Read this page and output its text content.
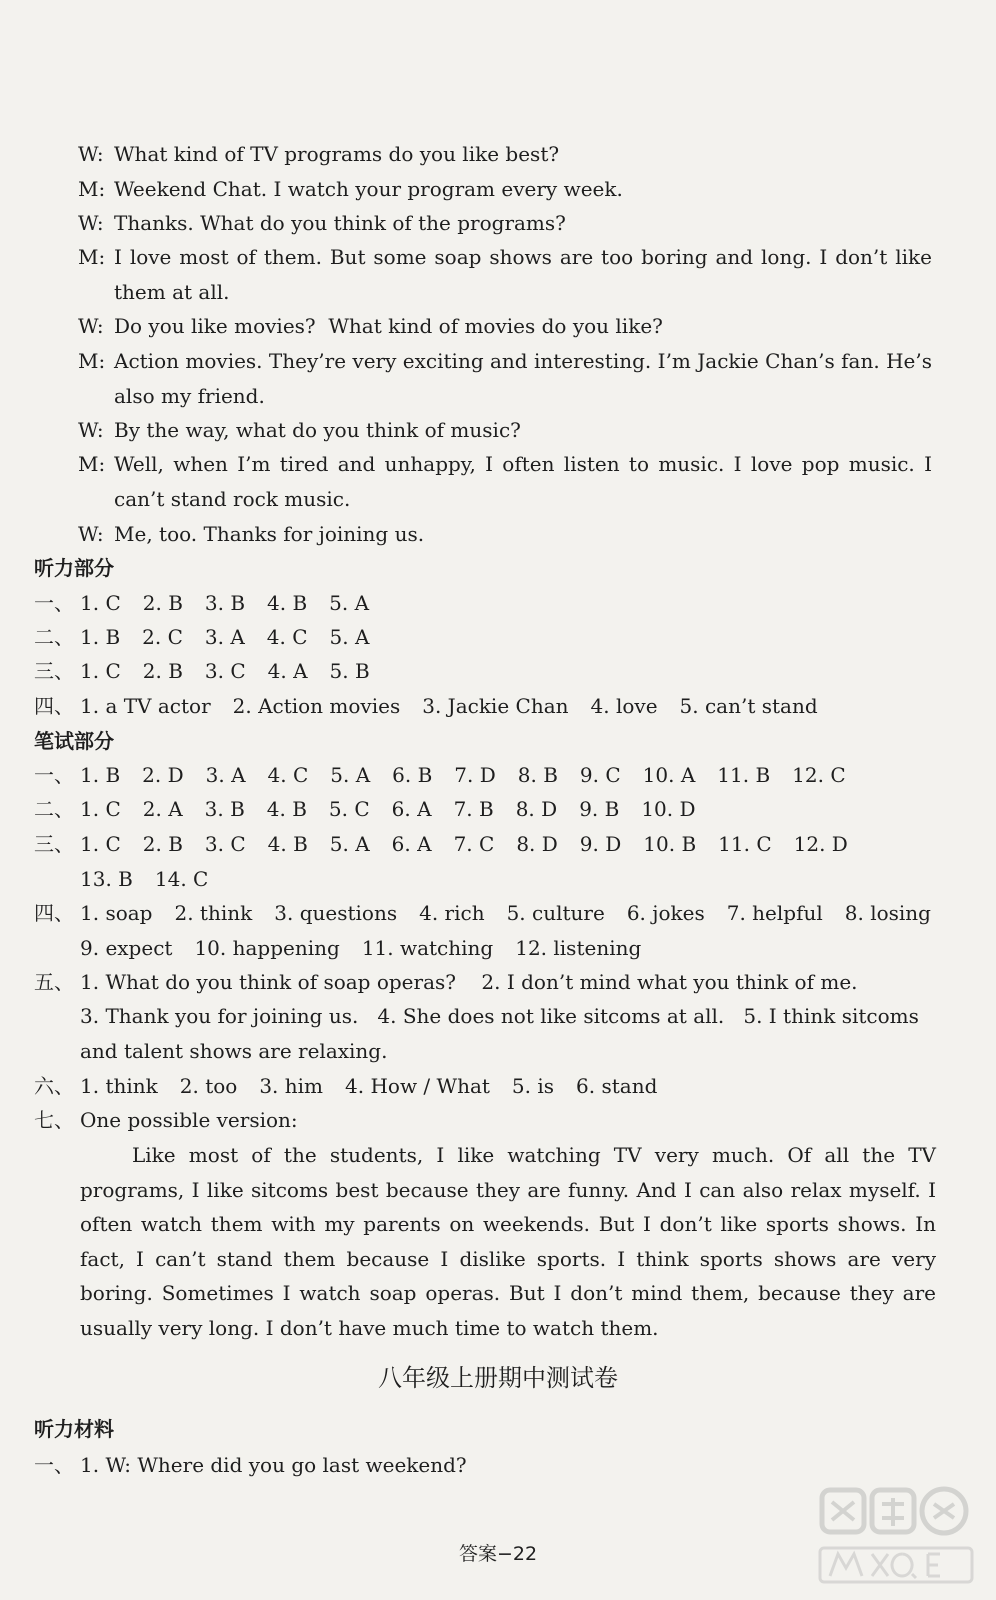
W: What kind of TV programs do you like best?
M: Weekend Chat. I watch your program every week.
W: Thanks. What do you think of the programs?
M: I love most of them. But some soap shows are too boring and long. I don’t like
them at all.
W: Do you like movies?  What kind of movies do you like?
M: Action movies. They’re very exciting and interesting. I’m Jackie Chan’s fan. He’s
also my friend.
W: By the way, what do you think of music?
M: Well, when I’m tired and unhappy, I often listen to music. I love pop music. I
can’t stand rock music.
W: Me, too. Thanks for joining us.
听力部分
一、 1. C 2. B 3. B 4. B 5. A
二、 1. B 2. C 3. A 4. C 5. A
三、 1. C 2. B 3. C 4. A 5. B
四、 1. a TV actor 2. Action movies 3. Jackie Chan 4. love 5. can’t stand
笔试部分
一、 1. B 2. D 3. A 4. C 5. A 6. B 7. D 8. B 9. C 10. A 11. B 12. C
二、 1. C 2. A 3. B 4. B 5. C 6. A 7. B 8. D 9. B 10. D
三、 1. C 2. B 3. C 4. B 5. A 6. A 7. C 8. D 9. D 10. B 11. C 12. D
13. B 14. C
四、 1. soap 2. think 3. questions 4. rich 5. culture 6. jokes 7. helpful 8. losing
9. expect 10. happening 11. watching 12. listening
五、 1. What do you think of soap operas?    2. I don’t mind what you think of me.
3. Thank you for joining us.   4. She does not like sitcoms at all.   5. I think sitcoms
and talent shows are relaxing.
六、 1. think 2. too 3. him 4. How / What 5. is 6. stand
七、 One possible version:
Like most of the students, I like watching TV very much. Of all the TV programs, I like sitcoms best because they are funny. And I can also relax myself. I often watch them with my parents on weekends. But I don’t like sports shows. In fact, I can’t stand them because I dislike sports. I think sports shows are very boring. Sometimes I watch soap operas. But I don’t mind them, because they are usually very long. I don’t have much time to watch them.
八年级上册期中测试卷
听力材料
一、 1. W: Where did you go last weekend?
答案−22
